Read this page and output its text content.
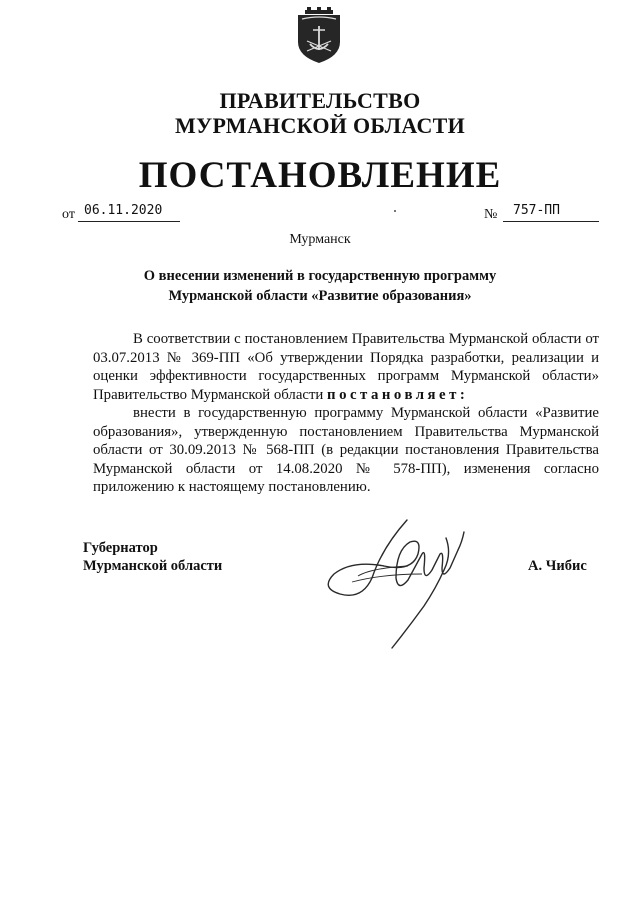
ПРАВИТЕЛЬСТВО
МУРМАНСКОЙ ОБЛАСТИ
ПОСТАНОВЛЕНИЕ
от 06.11.2020	№	757-ПП
Мурманск
О внесении изменений в государственную программу
Мурманской области «Развитие образования»

В соответствии с постановлением Правительства Мурманской области от 03.07.2013 № 369-ПП «Об утверждении Порядка разработки, реализации и оценки эффективности государственных программ Мурманской области» Правительство Мурманской области постановляет:

внести в государственную программу Мурманской области «Развитие образования», утвержденную постановлением Правительства Мурманской области от 30.09.2013 № 568-ПП (в редакции постановления Правительства Мурманской области от 14.08.2020 № 578-ПП), изменения согласно приложению к настоящему постановлению.

Губернатор
Мурманской области	А. Чибис
